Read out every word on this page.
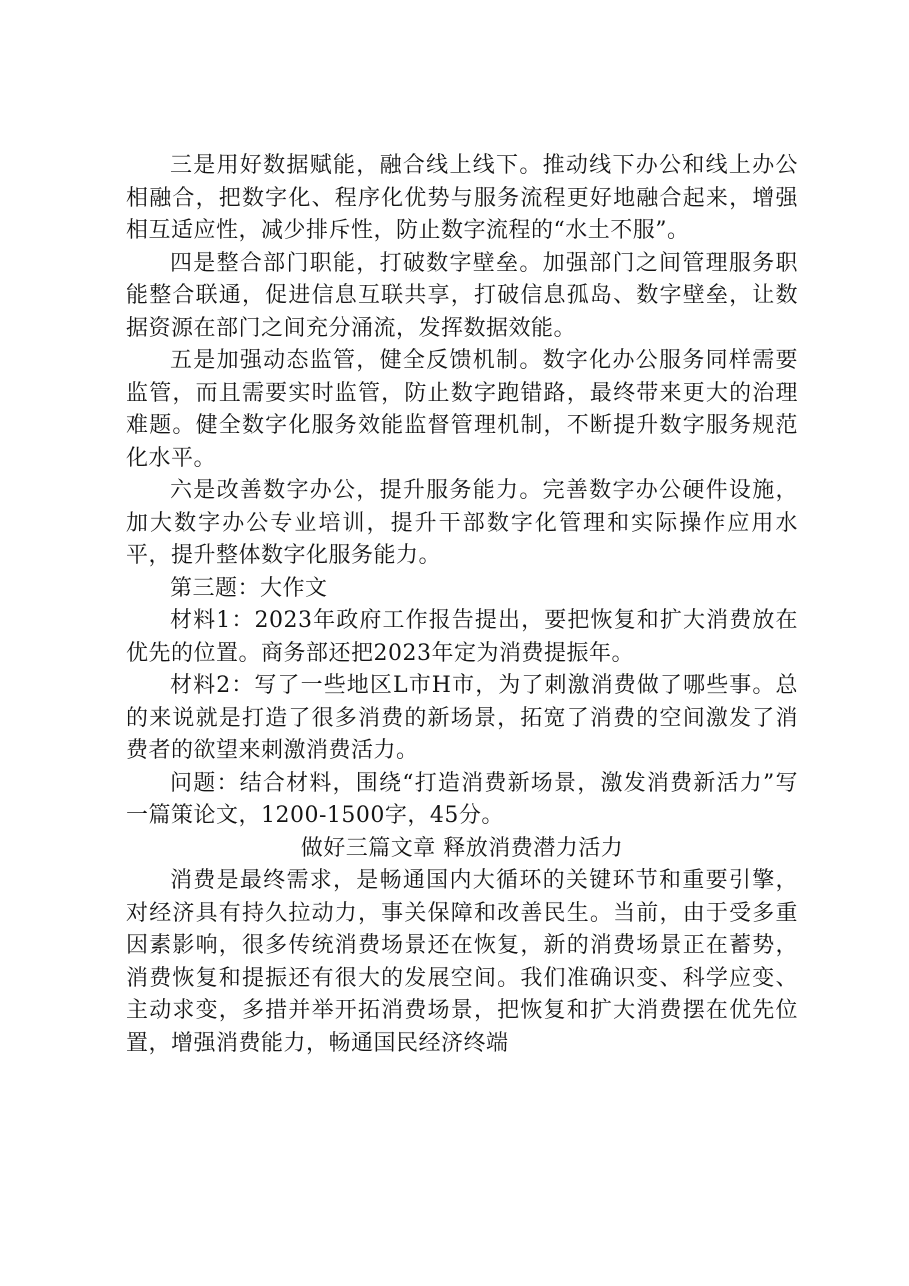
三是用好数据赋能，融合线上线下。推动线下办公和线上办公相融合，把数字化、程序化优势与服务流程更好地融合起来，增强相互适应性，减少排斥性，防止数字流程的“水土不服”。

四是整合部门职能，打破数字壁垒。加强部门之间管理服务职能整合联通，促进信息互联共享，打破信息孤岛、数字壁垒，让数据资源在部门之间充分涌流，发挥数据效能。

五是加强动态监管，健全反馈机制。数字化办公服务同样需要监管，而且需要实时监管，防止数字跑错路，最终带来更大的治理难题。健全数字化服务效能监督管理机制，不断提升数字服务规范化水平。

六是改善数字办公，提升服务能力。完善数字办公硬件设施，加大数字办公专业培训，提升干部数字化管理和实际操作应用水平，提升整体数字化服务能力。

第三题：大作文

材料1：2023年政府工作报告提出，要把恢复和扩大消费放在优先的位置。商务部还把2023年定为消费提振年。

材料2：写了一些地区L市H市，为了刺激消费做了哪些事。总的来说就是打造了很多消费的新场景，拓宽了消费的空间激发了消费者的欲望来刺激消费活力。

问题：结合材料，围绕“打造消费新场景，激发消费新活力”写一篇策论文，1200-1500字，45分。

做好三篇文章 释放消费潜力活力

消费是最终需求，是畅通国内大循环的关键环节和重要引擎，对经济具有持久拉动力，事关保障和改善民生。当前，由于受多重因素影响，很多传统消费场景还在恢复，新的消费场景正在蓄势，消费恢复和提振还有很大的发展空间。我们准确识变、科学应变、主动求变，多措并举开拓消费场景，把恢复和扩大消费摆在优先位置，增强消费能力，畅通国民经济终端
